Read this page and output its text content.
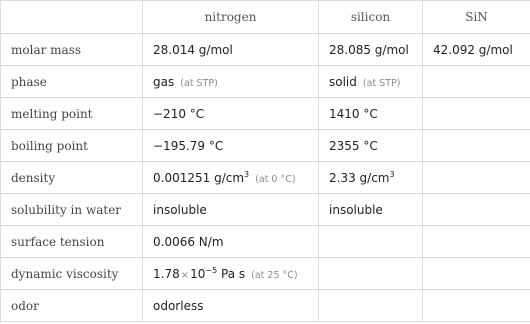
	nitrogen	silicon	SiN
molar mass	28.014 g/mol	28.085 g/mol	42.092 g/mol
phase	gas (at STP)	solid (at STP)	
melting point	−210 °C	1410 °C	
boiling point	−195.79 °C	2355 °C	
density	0.001251 $g/cm^3$ (at 0 °C)	2.33 $g/cm^3$	
solubility in water	insoluble	insoluble	
surface tension	0.0066 N/m		
dynamic viscosity	$1.78\times 10^{-5}$ Pa s (at 25 °C)		
odor	odorless		
